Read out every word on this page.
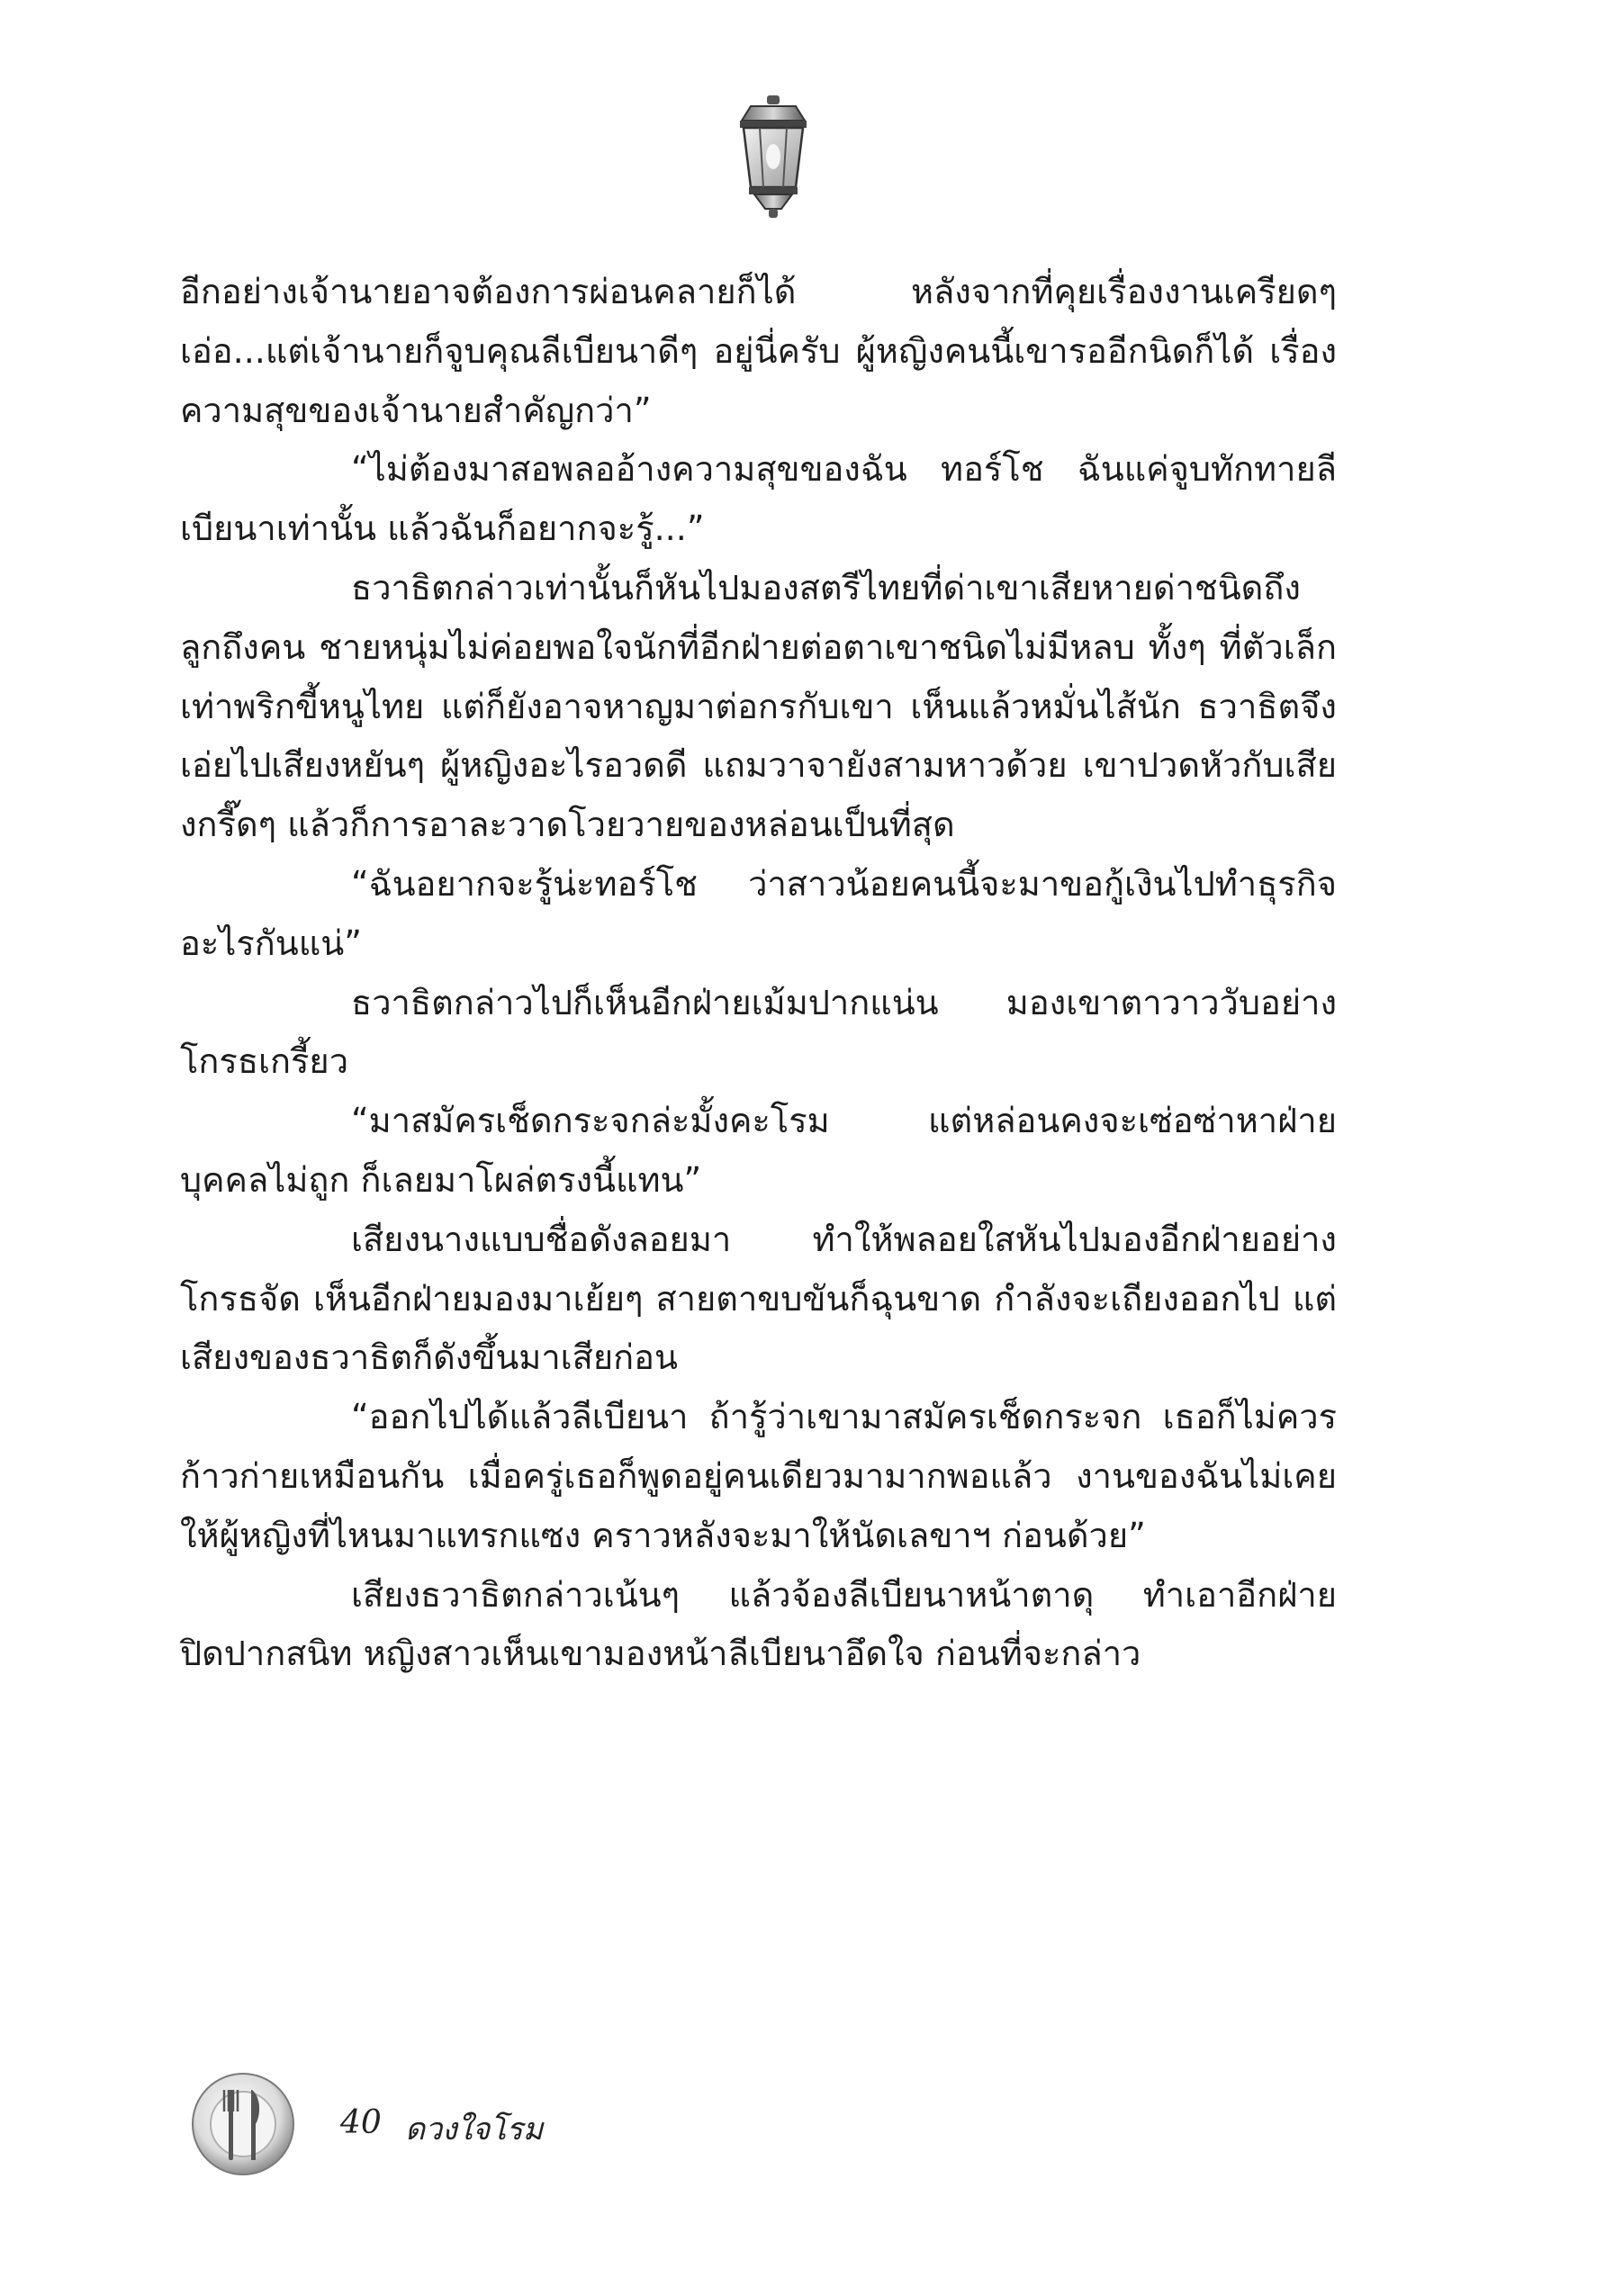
อีกอย่างเจ้านายอาจต้องการผ่อนคลายก็ได้ หลังจากที่คุยเรื่องงานเครียดๆ เอ่อ...แต่เจ้านายก็จูบคุณลีเบียนาดีๆ อยู่นี่ครับ ผู้หญิงคนนี้เขารออีกนิดก็ได้ เรื่องความสุขของเจ้านายสำคัญกว่า”

“ไม่ต้องมาสอพลออ้างความสุขของฉัน ทอร์โช ฉันแค่จูบทักทายลีเบียนาเท่านั้น แล้วฉันก็อยากจะรู้...”

ธวาธิตกล่าวเท่านั้นก็หันไปมองสตรีไทยที่ด่าเขาเสียหายด่าชนิดถึงลูกถึงคน ชายหนุ่มไม่ค่อยพอใจนักที่อีกฝ่ายต่อตาเขาชนิดไม่มีหลบ ทั้งๆ ที่ตัวเล็กเท่าพริกขี้หนูไทย แต่ก็ยังอาจหาญมาต่อกรกับเขา เห็นแล้วหมั่นไส้นัก ธวาธิตจึงเอ่ยไปเสียงหยันๆ ผู้หญิงอะไรอวดดี แถมวาจายังสามหาวด้วย เขาปวดหัวกับเสียงกรี๊ดๆ แล้วก็การอาละวาดโวยวายของหล่อนเป็นที่สุด

“ฉันอยากจะรู้น่ะทอร์โช ว่าสาวน้อยคนนี้จะมาขอกู้เงินไปทำธุรกิจอะไรกันแน่”

ธวาธิตกล่าวไปก็เห็นอีกฝ่ายเม้มปากแน่น มองเขาตาวาววับอย่างโกรธเกรี้ยว

“มาสมัครเช็ดกระจกล่ะมั้งคะโรม แต่หล่อนคงจะเซ่อซ่าหาฝ่ายบุคคลไม่ถูก ก็เลยมาโผล่ตรงนี้แทน”

เสียงนางแบบชื่อดังลอยมา ทำให้พลอยใสหันไปมองอีกฝ่ายอย่างโกรธจัด เห็นอีกฝ่ายมองมาเย้ยๆ สายตาขบขันก็ฉุนขาด กำลังจะเถียงออกไป แต่เสียงของธวาธิตก็ดังขึ้นมาเสียก่อน

“ออกไปได้แล้วลีเบียนา ถ้ารู้ว่าเขามาสมัครเช็ดกระจก เธอก็ไม่ควรก้าวก่ายเหมือนกัน เมื่อครู่เธอก็พูดอยู่คนเดียวมามากพอแล้ว งานของฉันไม่เคยให้ผู้หญิงที่ไหนมาแทรกแซง คราวหลังจะมาให้นัดเลขาฯ ก่อนด้วย”

เสียงธวาธิตกล่าวเน้นๆ แล้วจ้องลีเบียนาหน้าตาดุ ทำเอาอีกฝ่ายปิดปากสนิท หญิงสาวเห็นเขามองหน้าลีเบียนาอึดใจ ก่อนที่จะกล่าว

40 ดวงใจโรม
